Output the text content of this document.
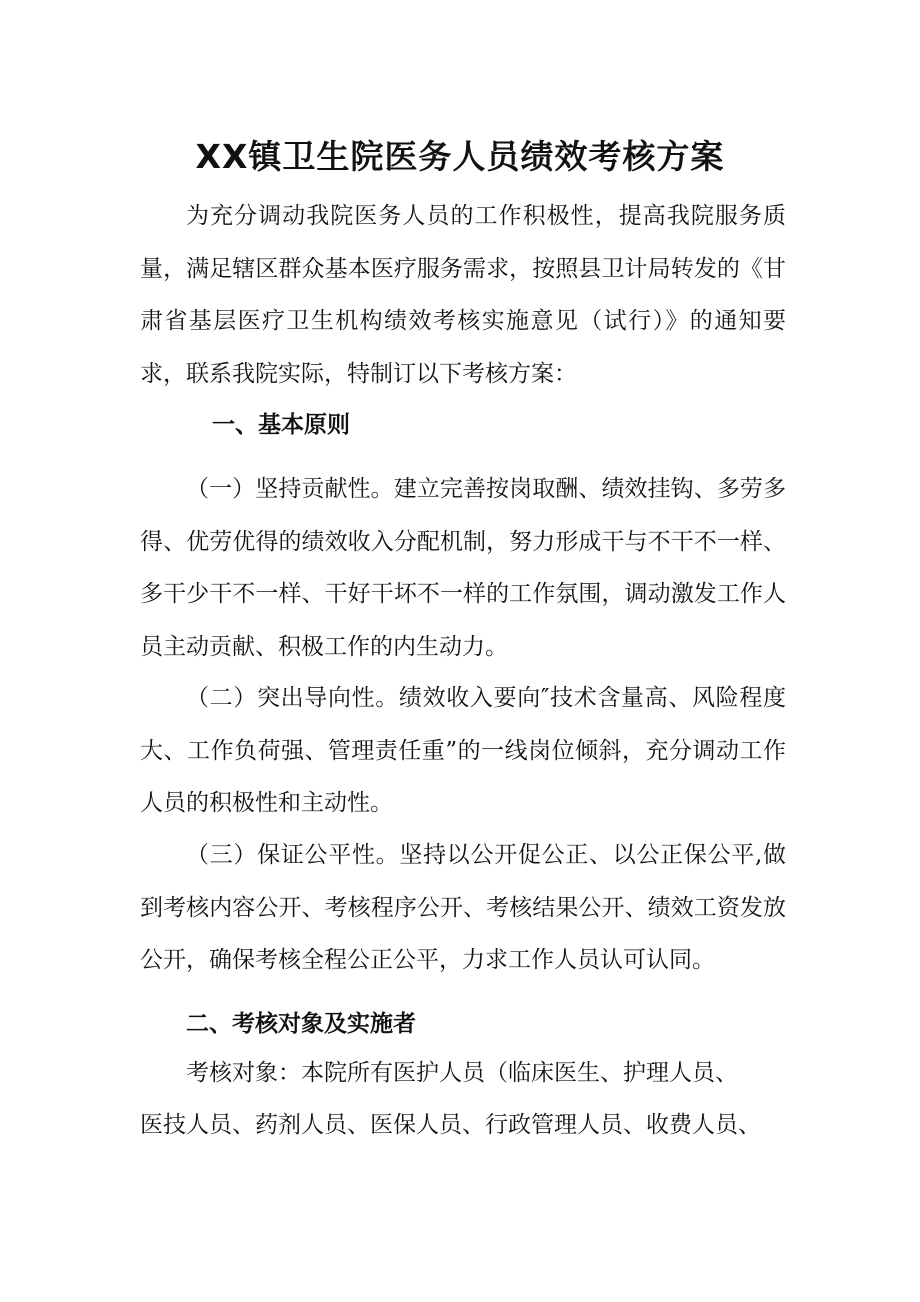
XX镇卫生院医务人员绩效考核方案

为充分调动我院医务人员的工作积极性，提高我院服务质量，满足辖区群众基本医疗服务需求，按照县卫计局转发的《甘肃省基层医疗卫生机构绩效考核实施意见（试行）》的通知要求，联系我院实际，特制订以下考核方案：

一、基本原则

（一）坚持贡献性。建立完善按岗取酬、绩效挂钩、多劳多得、优劳优得的绩效收入分配机制，努力形成干与不干不一样、多干少干不一样、干好干坏不一样的工作氛围，调动激发工作人员主动贡献、积极工作的内生动力。

（二）突出导向性。绩效收入要向″技术含量高、风险程度大、工作负荷强、管理责任重”的一线岗位倾斜，充分调动工作人员的积极性和主动性。

（三）保证公平性。坚持以公开促公正、以公正保公平,做到考核内容公开、考核程序公开、考核结果公开、绩效工资发放公开，确保考核全程公正公平，力求工作人员认可认同。

二、考核对象及实施者

考核对象：本院所有医护人员（临床医生、护理人员、

医技人员、药剂人员、医保人员、行政管理人员、收费人员、
